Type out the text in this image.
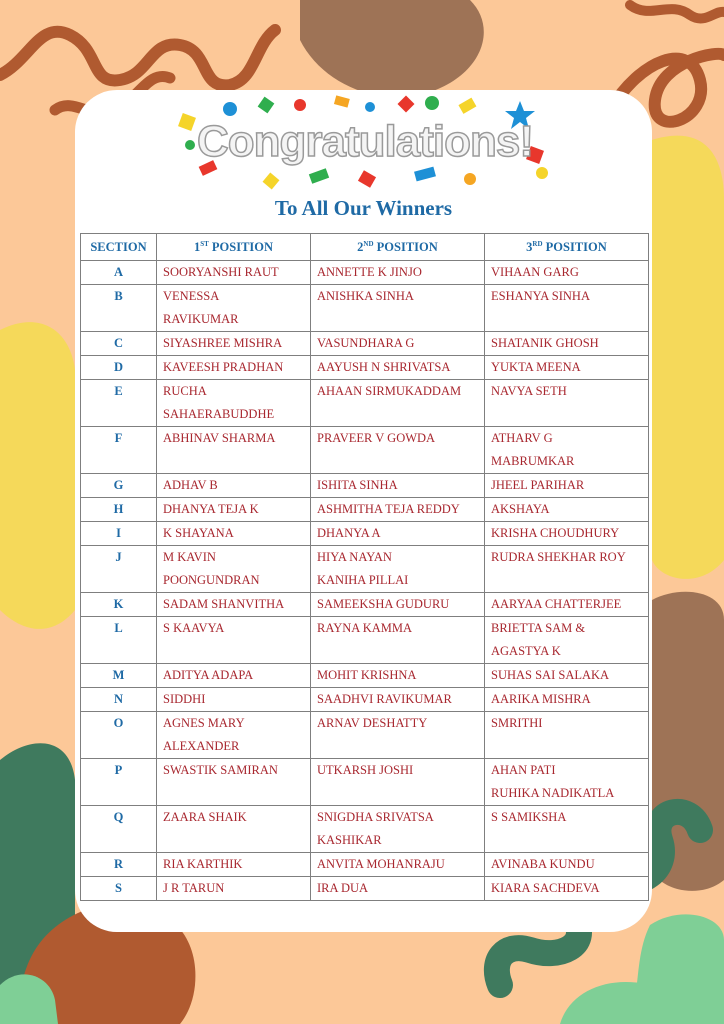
Congratulations!
To All Our Winners
SECTION	1ST POSITION	2ND POSITION	3RD POSITION
A	SOORYANSHI RAUT	ANNETTE K JINJO	VIHAAN GARG

B	VENESSA
RAVIKUMAR	ANISHKA SINHA	ESHANYA SINHA

C	SIYASHREE MISHRA	VASUNDHARA G	SHATANIK GHOSH

D	KAVEESH PRADHAN	AAYUSH N SHRIVATSA	YUKTA MEENA

E	RUCHA
SAHAERABUDDHE	AHAAN SIRMUKADDAM	NAVYA SETH

F	ABHINAV SHARMA	PRAVEER V GOWDA	ATHARV G
MABRUMKAR

G	ADHAV B	ISHITA SINHA	JHEEL PARIHAR

H	DHANYA TEJA K	ASHMITHA TEJA REDDY	AKSHAYA

I	K SHAYANA	DHANYA A	KRISHA CHOUDHURY

J	M KAVIN
POONGUNDRAN	HIYA NAYAN
KANIHA PILLAI	RUDRA SHEKHAR ROY

K	SADAM SHANVITHA	SAMEEKSHA GUDURU	AARYAA CHATTERJEE

L	S KAAVYA	RAYNA KAMMA	BRIETTA SAM &
AGASTYA K

M	ADITYA ADAPA	MOHIT KRISHNA	SUHAS SAI SALAKA

N	SIDDHI	SAADHVI RAVIKUMAR	AARIKA MISHRA

O	AGNES MARY
ALEXANDER	ARNAV DESHATTY	SMRITHI

P	SWASTIK SAMIRAN	UTKARSH JOSHI	AHAN PATI
RUHIKA NADIKATLA

Q	ZAARA SHAIK	SNIGDHA SRIVATSA
KASHIKAR	S SAMIKSHA

R	RIA KARTHIK	ANVITA MOHANRAJU	AVINABA KUNDU

S	J R TARUN	IRA DUA	KIARA SACHDEVA
